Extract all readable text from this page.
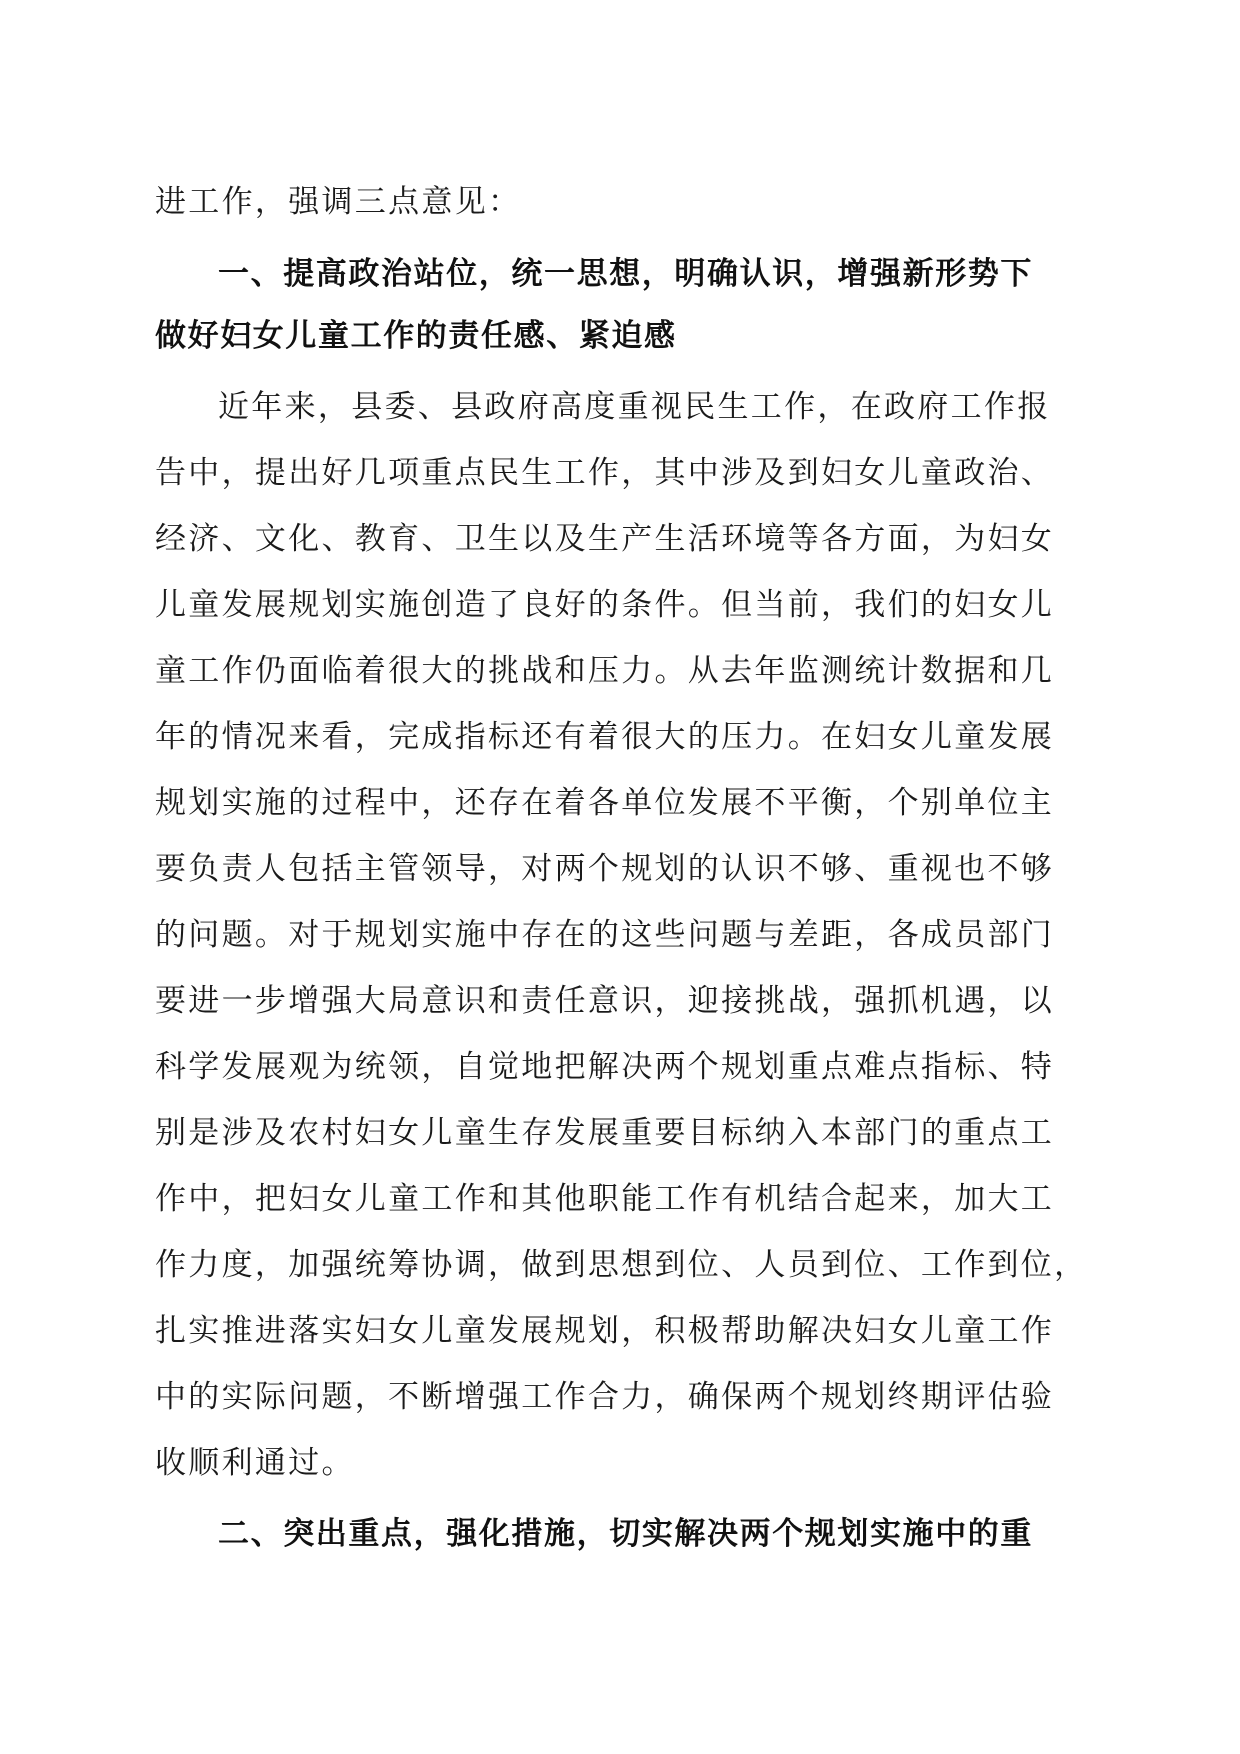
进工作，强调三点意见：
一、提高政治站位，统一思想，明确认识，增强新形势下
做好妇女儿童工作的责任感、紧迫感
近年来，县委、县政府高度重视民生工作，在政府工作报
告中，提出好几项重点民生工作，其中涉及到妇女儿童政治、
经济、文化、教育、卫生以及生产生活环境等各方面，为妇女
儿童发展规划实施创造了良好的条件。但当前，我们的妇女儿
童工作仍面临着很大的挑战和压力。从去年监测统计数据和几
年的情况来看，完成指标还有着很大的压力。在妇女儿童发展
规划实施的过程中，还存在着各单位发展不平衡，个别单位主
要负责人包括主管领导，对两个规划的认识不够、重视也不够
的问题。对于规划实施中存在的这些问题与差距，各成员部门
要进一步增强大局意识和责任意识，迎接挑战，强抓机遇，以
科学发展观为统领，自觉地把解决两个规划重点难点指标、特
别是涉及农村妇女儿童生存发展重要目标纳入本部门的重点工
作中，把妇女儿童工作和其他职能工作有机结合起来，加大工
作力度，加强统筹协调，做到思想到位、人员到位、工作到位，
扎实推进落实妇女儿童发展规划，积极帮助解决妇女儿童工作
中的实际问题，不断增强工作合力，确保两个规划终期评估验
收顺利通过。
二、突出重点，强化措施，切实解决两个规划实施中的重
